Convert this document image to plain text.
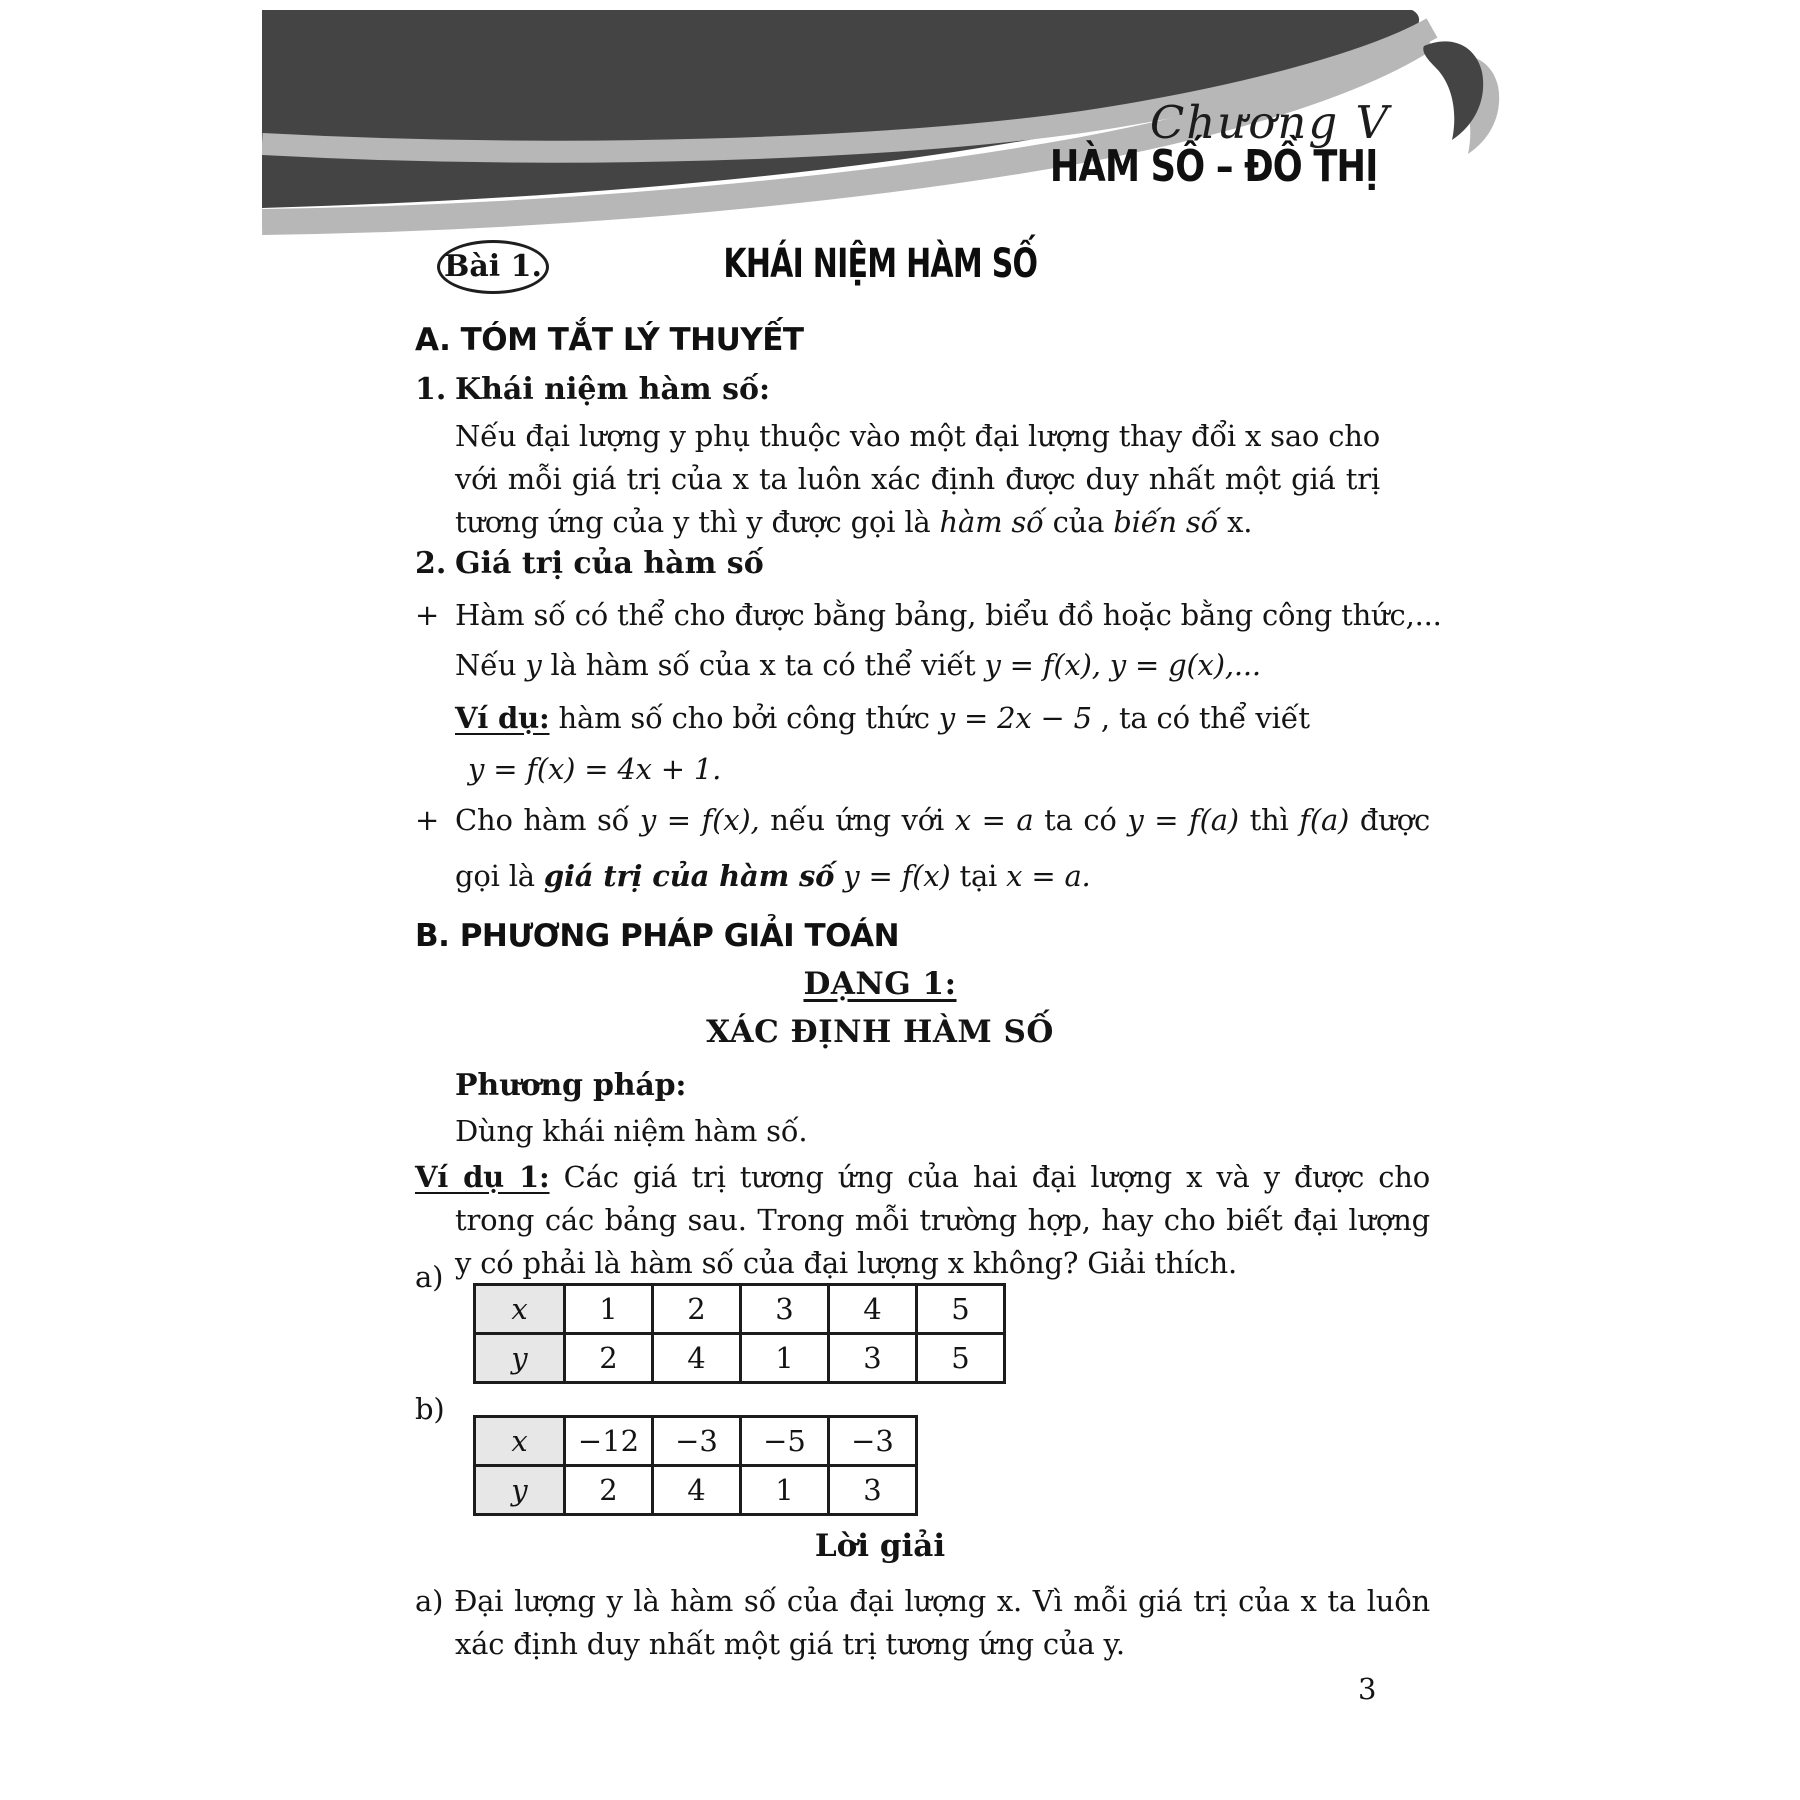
Chương V
HÀM SỐ – ĐỒ THỊ
Bài 1.	KHÁI NIỆM HÀM SỐ
A. TÓM TẮT LÝ THUYẾT
1. Khái niệm hàm số:
Nếu đại lượng y phụ thuộc vào một đại lượng thay đổi x sao cho với mỗi giá trị của x ta luôn xác định được duy nhất một giá trị tương ứng của y thì y được gọi là hàm số của biến số x.
2. Giá trị của hàm số
+ Hàm số có thể cho được bằng bảng, biểu đồ hoặc bằng công thức,...
Nếu y là hàm số của x ta có thể viết y = f(x), y = g(x),...
Ví dụ: hàm số cho bởi công thức y = 2x − 5 , ta có thể viết
y = f(x) = 4x + 1.
+ Cho hàm số y = f(x), nếu ứng với x = a ta có y = f(a) thì f(a) được gọi là giá trị của hàm số y = f(x) tại x = a.
B. PHƯƠNG PHÁP GIẢI TOÁN
DẠNG 1:
XÁC ĐỊNH HÀM SỐ
Phương pháp:
Dùng khái niệm hàm số.
Ví dụ 1: Các giá trị tương ứng của hai đại lượng x và y được cho trong các bảng sau. Trong mỗi trường hợp, hay cho biết đại lượng y có phải là hàm số của đại lượng x không? Giải thích.
a)
x	1	2	3	4	5
y	2	4	1	3	5
b)
x	−12	−3	−5	−3
y	2	4	1	3
Lời giải
a) Đại lượng y là hàm số của đại lượng x. Vì mỗi giá trị của x ta luôn xác định duy nhất một giá trị tương ứng của y.
3
